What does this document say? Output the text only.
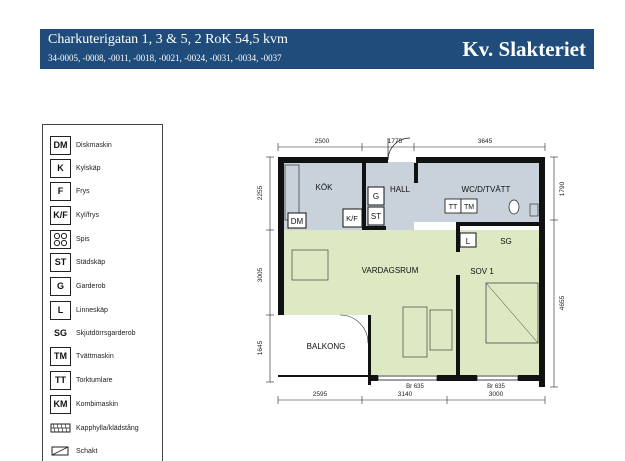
Charkuterigatan 1, 3 & 5, 2 RoK 54,5 kvm
34-0005, -0008, -0011, -0018, -0021, -0024, -0031, -0034, -0037	Kv. Slakteriet
DM	Diskmaskin
K	Kylskäp
F	Frys
K/F	Kyl/frys
Spis
ST	Städskäp
G	Garderob
L	Linneskäp
SG	Skjutdörrsgarderob
TM	Tvättmaskin
TT	Torktumlare
KM	Kombimaskin
Kapphylla/klädstång
Schakt
2500	1775	3645
2255
3005
1645
1790
4655
2595	3140	3000
Br 635	Br 635
DM	K/F
G
ST
KÖK	HALL	WC/D/TVÄTT
TT TM
L	SG
SOV 1
VARDAGSRUM
BALKONG
